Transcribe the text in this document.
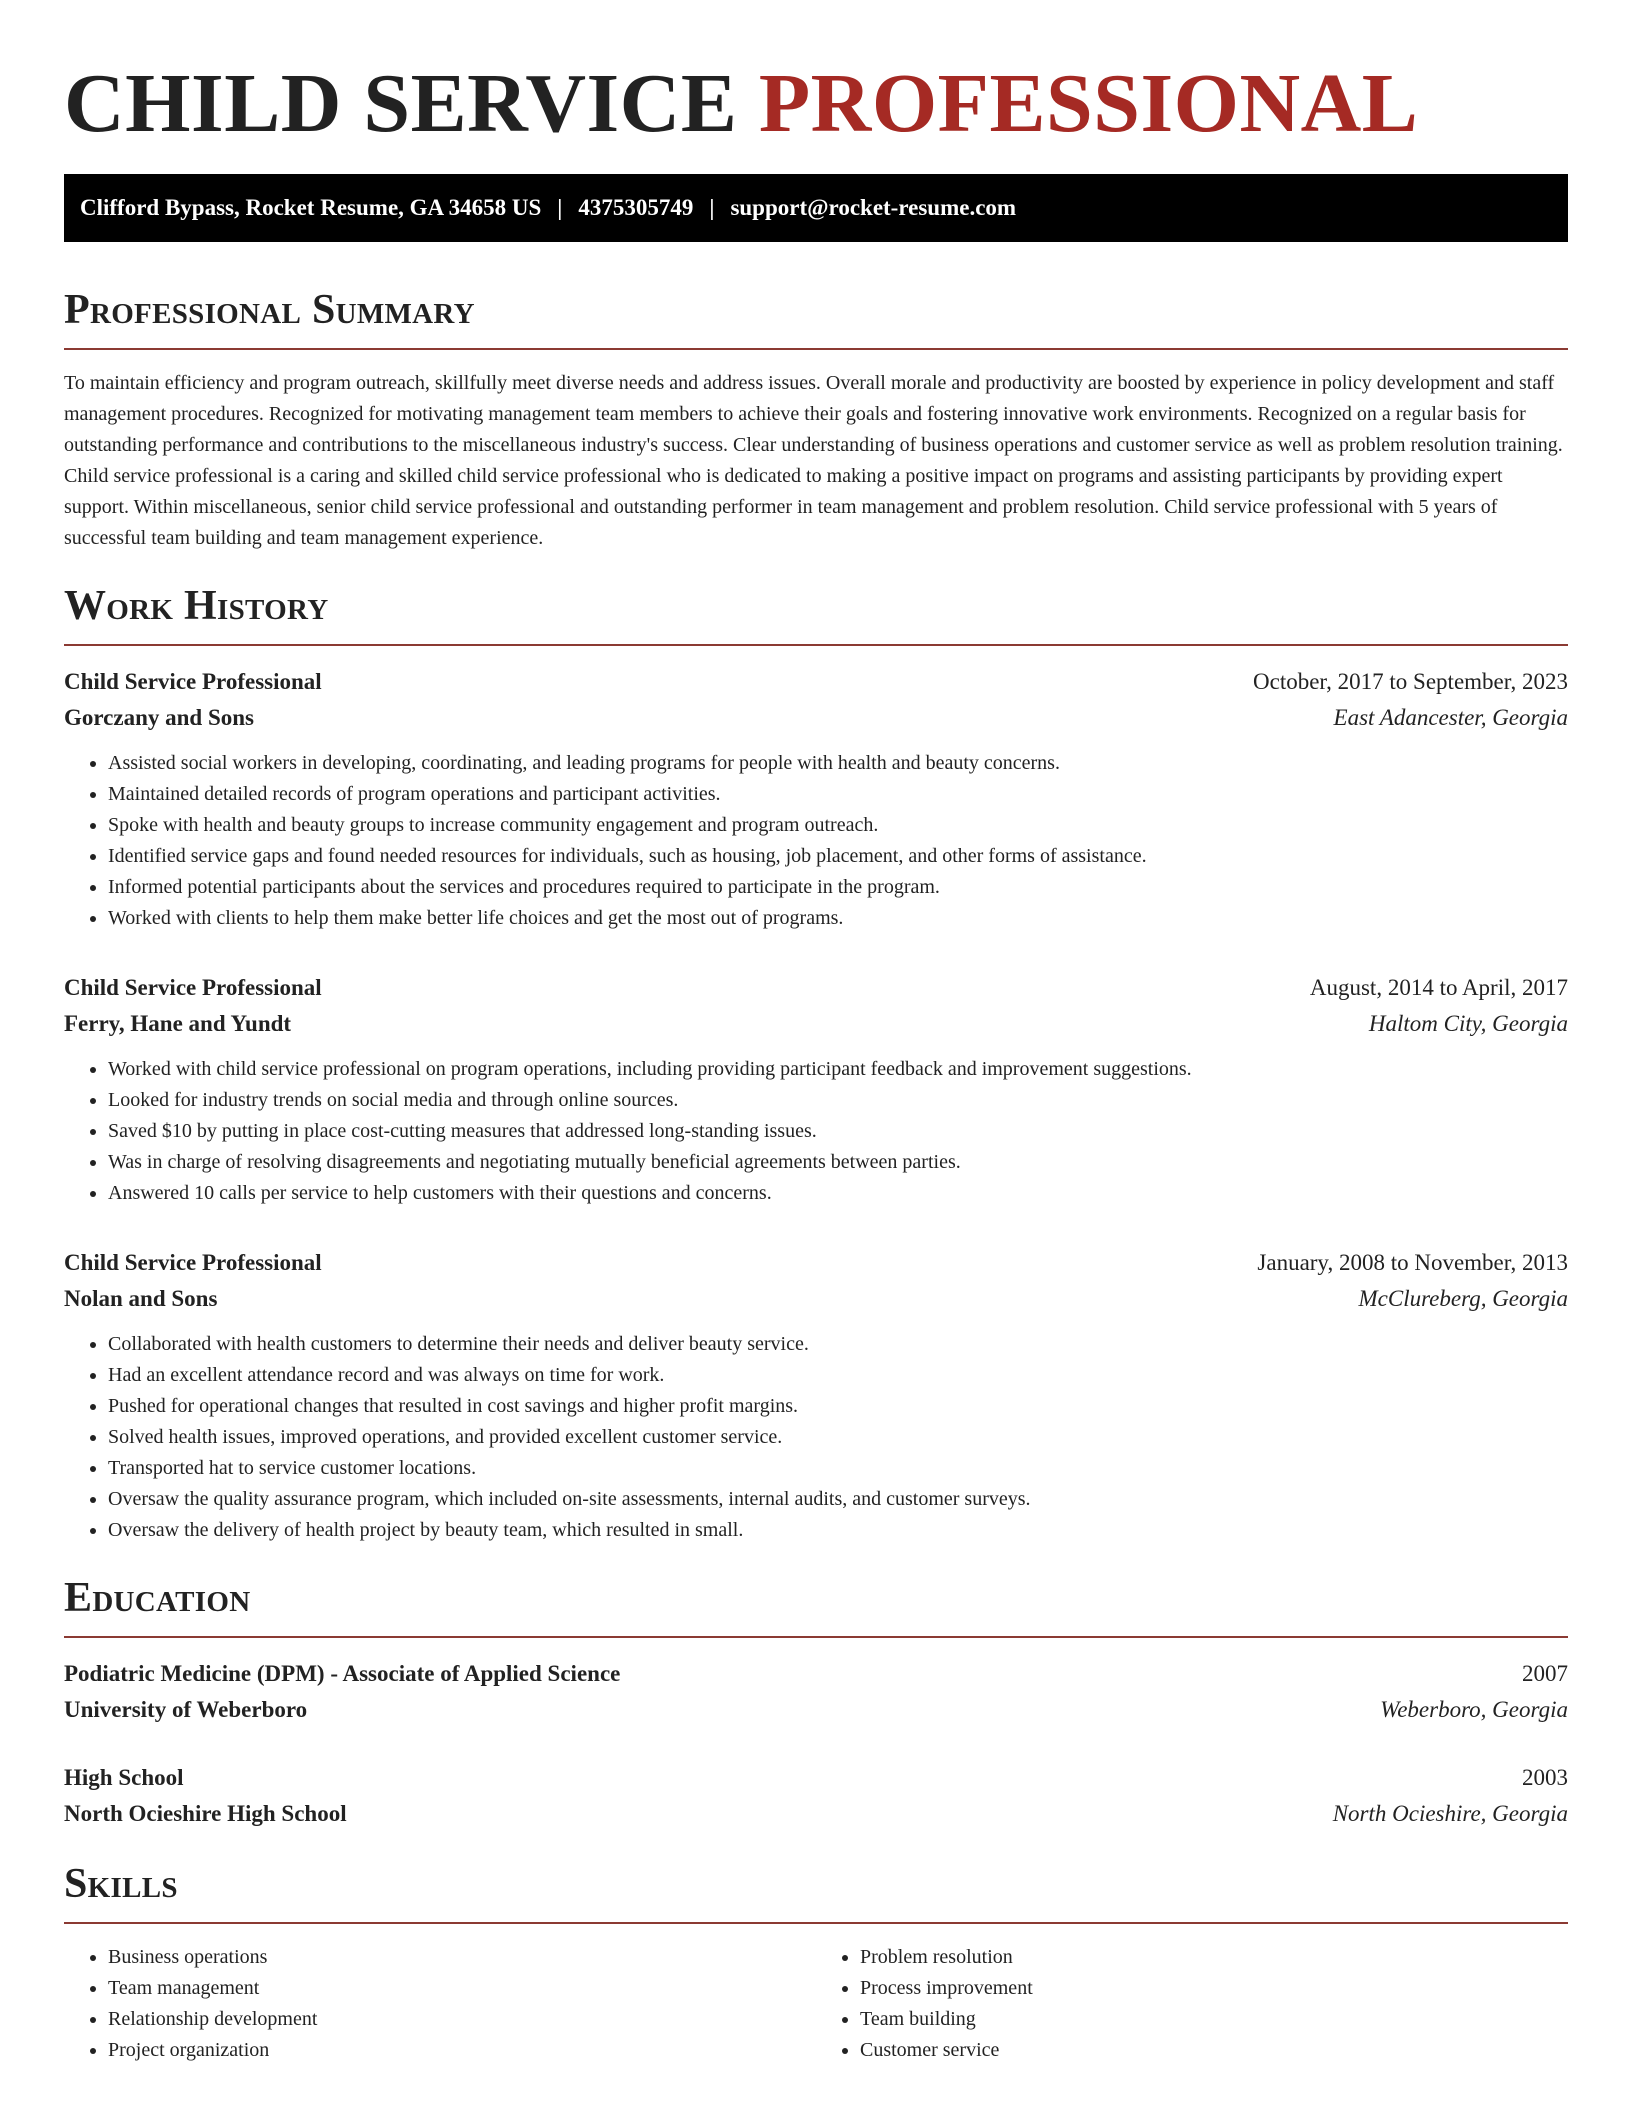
CHILD SERVICE PROFESSIONAL
Clifford Bypass, Rocket Resume, GA 34658 US | 4375305749 | support@rocket-resume.com
Professional Summary

To maintain efficiency and program outreach, skillfully meet diverse needs and address issues. Overall morale and productivity are boosted by experience in policy development and staff management procedures. Recognized for motivating management team members to achieve their goals and fostering innovative work environments. Recognized on a regular basis for outstanding performance and contributions to the miscellaneous industry's success. Clear understanding of business operations and customer service as well as problem resolution training. Child service professional is a caring and skilled child service professional who is dedicated to making a positive impact on programs and assisting participants by providing expert support. Within miscellaneous, senior child service professional and outstanding performer in team management and problem resolution. Child service professional with 5 years of successful team building and team management experience.

Work History
Child Service Professional	October, 2017 to September, 2023
Gorczany and Sons	East Adancester, Georgia
• Assisted social workers in developing, coordinating, and leading programs for people with health and beauty concerns.
• Maintained detailed records of program operations and participant activities.
• Spoke with health and beauty groups to increase community engagement and program outreach.
• Identified service gaps and found needed resources for individuals, such as housing, job placement, and other forms of assistance.
• Informed potential participants about the services and procedures required to participate in the program.
• Worked with clients to help them make better life choices and get the most out of programs.
Child Service Professional	August, 2014 to April, 2017
Ferry, Hane and Yundt	Haltom City, Georgia
• Worked with child service professional on program operations, including providing participant feedback and improvement suggestions.
• Looked for industry trends on social media and through online sources.
• Saved $10 by putting in place cost-cutting measures that addressed long-standing issues.
• Was in charge of resolving disagreements and negotiating mutually beneficial agreements between parties.
• Answered 10 calls per service to help customers with their questions and concerns.
Child Service Professional	January, 2008 to November, 2013
Nolan and Sons	McClureberg, Georgia
• Collaborated with health customers to determine their needs and deliver beauty service.
• Had an excellent attendance record and was always on time for work.
• Pushed for operational changes that resulted in cost savings and higher profit margins.
• Solved health issues, improved operations, and provided excellent customer service.
• Transported hat to service customer locations.
• Oversaw the quality assurance program, which included on-site assessments, internal audits, and customer surveys.
• Oversaw the delivery of health project by beauty team, which resulted in small.
Education
Podiatric Medicine (DPM) - Associate of Applied Science	2007
University of Weberboro	Weberboro, Georgia
High School	2003
North Ocieshire High School	North Ocieshire, Georgia
Skills
• Business operations
• Team management
• Relationship development
• Project organization
• Problem resolution
• Process improvement
• Team building
• Customer service
